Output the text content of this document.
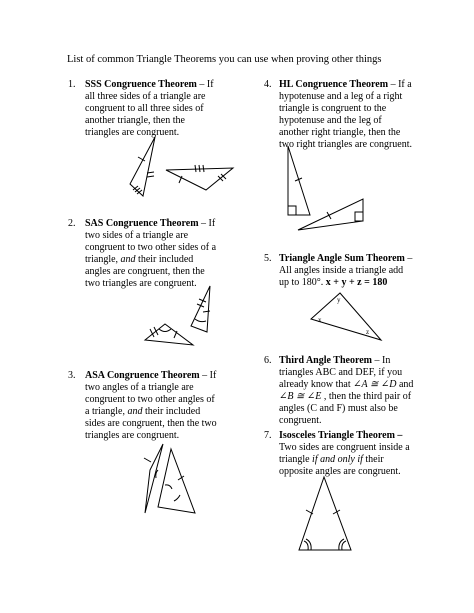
List of common Triangle Theorems you can use when proving other things
1. SSS Congruence Theorem – If
all three sides of a triangle are
congruent to all three sides of
another triangle, then the
triangles are congruent.
2. SAS Congruence Theorem – If
two sides of a triangle are
congruent to two other sides of a
triangle, and their included
angles are congruent, then the
two triangles are congruent.
3. ASA Congruence Theorem – If
two angles of a triangle are
congruent to two other angles of
a triangle, and their included
sides are congruent, then the two
triangles are congruent.
4. HL Congruence Theorem – If a
hypotenuse and a leg of a right
triangle is congruent to the
hypotenuse and the leg of
another right triangle, then the
two right triangles are congruent.
5. Triangle Angle Sum Theorem –
All angles inside a triangle add
up to 180°. x + y + z = 180
6. Third Angle Theorem – In
triangles ABC and DEF, if you
already know that ∠A ≅ ∠D and
∠B ≅ ∠E , then the third pair of
angles (C and F) must also be
congruent.
7. Isosceles Triangle Theorem –
Two sides are congruent inside a
triangle if and only if their
opposite angles are congruent.
y
x
z
